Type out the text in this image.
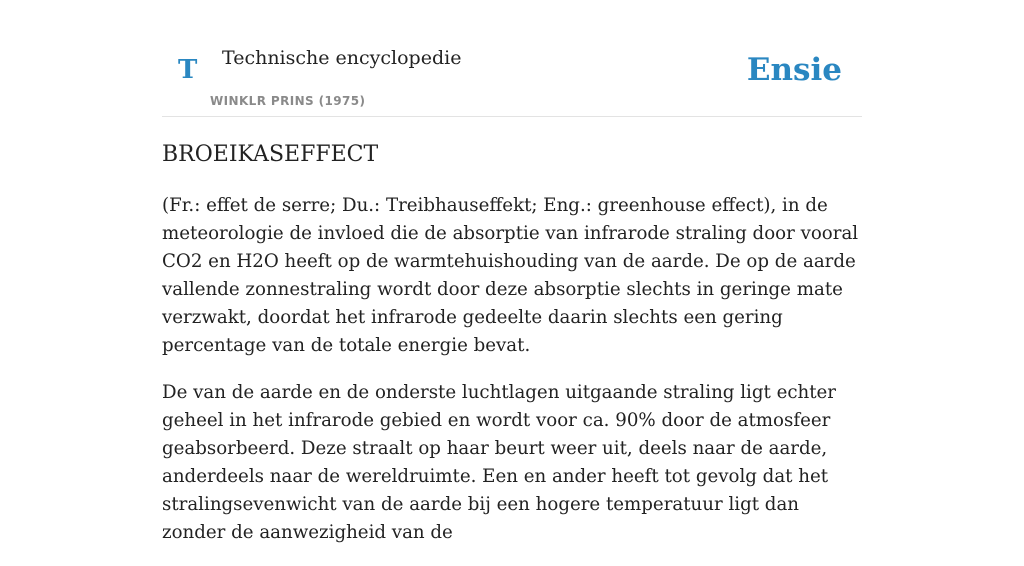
T Technische encyclopedie
WINKLR PRINS (1975)
Ensie
BROEIKASEFFECT

(Fr.: effet de serre; Du.: Treibhauseffekt; Eng.: greenhouse effect), in de meteorologie de invloed die de absorptie van infrarode straling door vooral CO2 en H2O heeft op de warmtehuishouding van de aarde. De op de aarde vallende zonnestraling wordt door deze absorptie slechts in geringe mate verzwakt, doordat het infrarode gedeelte daarin slechts een gering percentage van de totale energie bevat.

De van de aarde en de onderste luchtlagen uitgaande straling ligt echter geheel in het infrarode gebied en wordt voor ca. 90% door de atmosfeer geabsorbeerd. Deze straalt op haar beurt weer uit, deels naar de aarde, anderdeels naar de wereldruimte. Een en ander heeft tot gevolg dat het stralingsevenwicht van de aarde bij een hogere temperatuur ligt dan zonder de aanwezigheid van de
